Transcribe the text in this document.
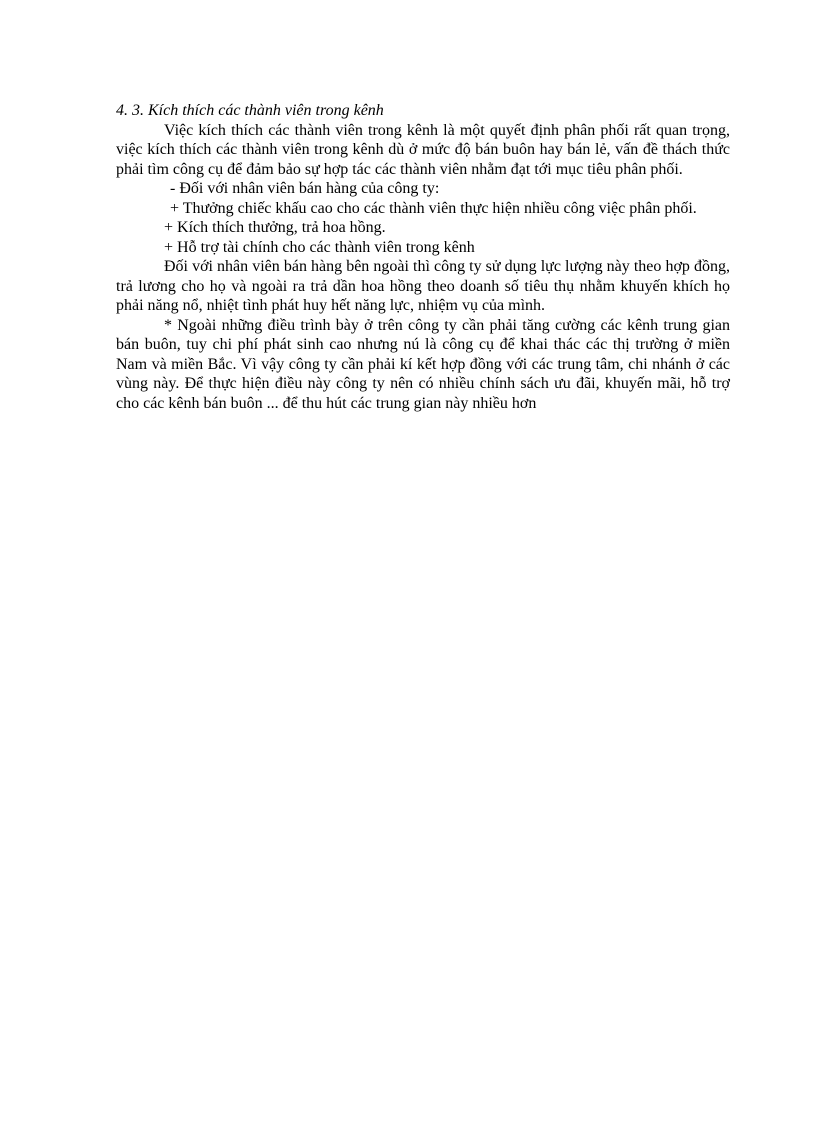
4. 3. Kích thích các thành viên trong kênh

Việc kích thích các thành viên trong kênh là một quyết định phân phối rất quan trọng, việc kích thích các thành viên trong kênh dù ở mức độ bán buôn hay bán lẻ, vấn đề thách thức phải tìm công cụ để đảm bảo sự hợp tác các thành viên nhằm đạt tới mục tiêu phân phối.

- Đối với nhân viên bán hàng của công ty:

+ Thưởng chiếc khấu cao cho các thành viên thực hiện nhiều công việc phân phối.

+ Kích thích thưởng, trả hoa hồng.

+ Hỗ trợ tài chính cho các thành viên trong kênh

Đối với nhân viên bán hàng bên ngoài thì công ty sử dụng lực lượng này theo hợp đồng, trả lương cho họ và ngoài ra trả dần hoa hồng theo doanh số tiêu thụ nhằm khuyến khích họ phải năng nổ, nhiệt tình phát huy hết năng lực, nhiệm vụ của mình.

* Ngoài những điều trình bày ở trên công ty cần phải tăng cường các kênh trung gian bán buôn, tuy chi phí phát sinh cao nhưng nú là công cụ để khai thác các thị trường ở miền Nam và miền Bắc. Vì vậy công ty cần phải kí kết hợp đồng với các trung tâm, chi nhánh ở các vùng này. Để thực hiện điều này công ty nên có nhiều chính sách ưu đãi, khuyến mãi, hỗ trợ cho các kênh bán buôn ... để thu hút các trung gian này nhiều hơn
